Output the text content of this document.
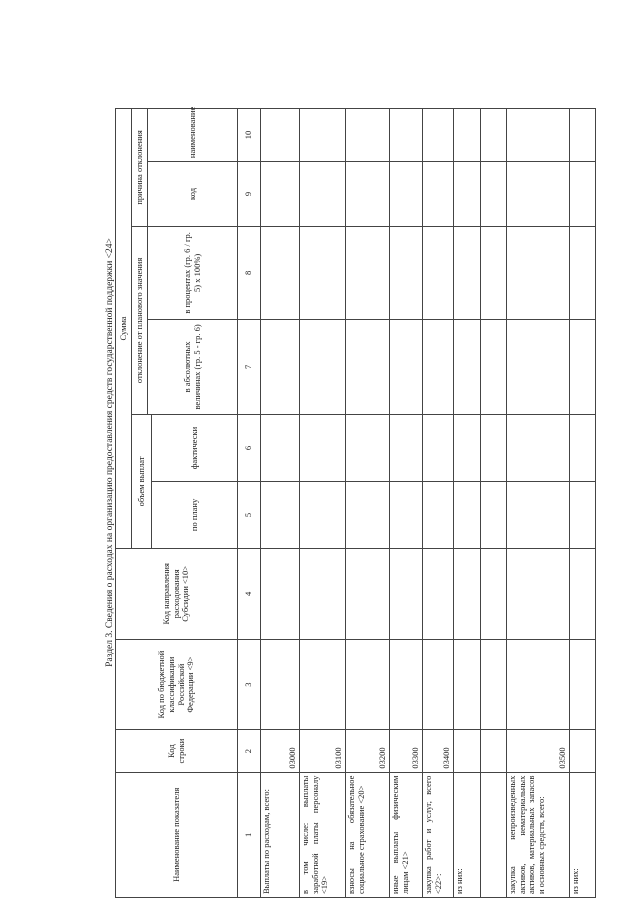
Раздел 3. Сведения о расходах на организацию предоставления средств государственной поддержки <24>
Наименование показателя	Код строки	Код по бюджетной классификации Российской Федерации <9>	Код направления расходования Субсидии <10>	Сумма					
				объем выплат		отклонение от планового значения		причина отклонения	
						в абсолютных величинах (гр. 5 - гр. 6)	в процентах (гр. 6 / гр. 5) x 100%)	код	наименование
				по плану	фактически				
1	2	3	4	5	6	7	8	9	10
Выплаты по расходам, всего:	03000								
в том числе: выплаты заработной платы персоналу <19>	03100								
взносы на обязательное социальное страхование <20>	03200								
иные выплаты физическим лицам <21>	03300								
закупка работ и услуг, всего <22>:	03400								
из них:									

закупка непроизведенных активов, нематериальных активов, материальных запасов и основных средств, всего:	03500								
из них:									
